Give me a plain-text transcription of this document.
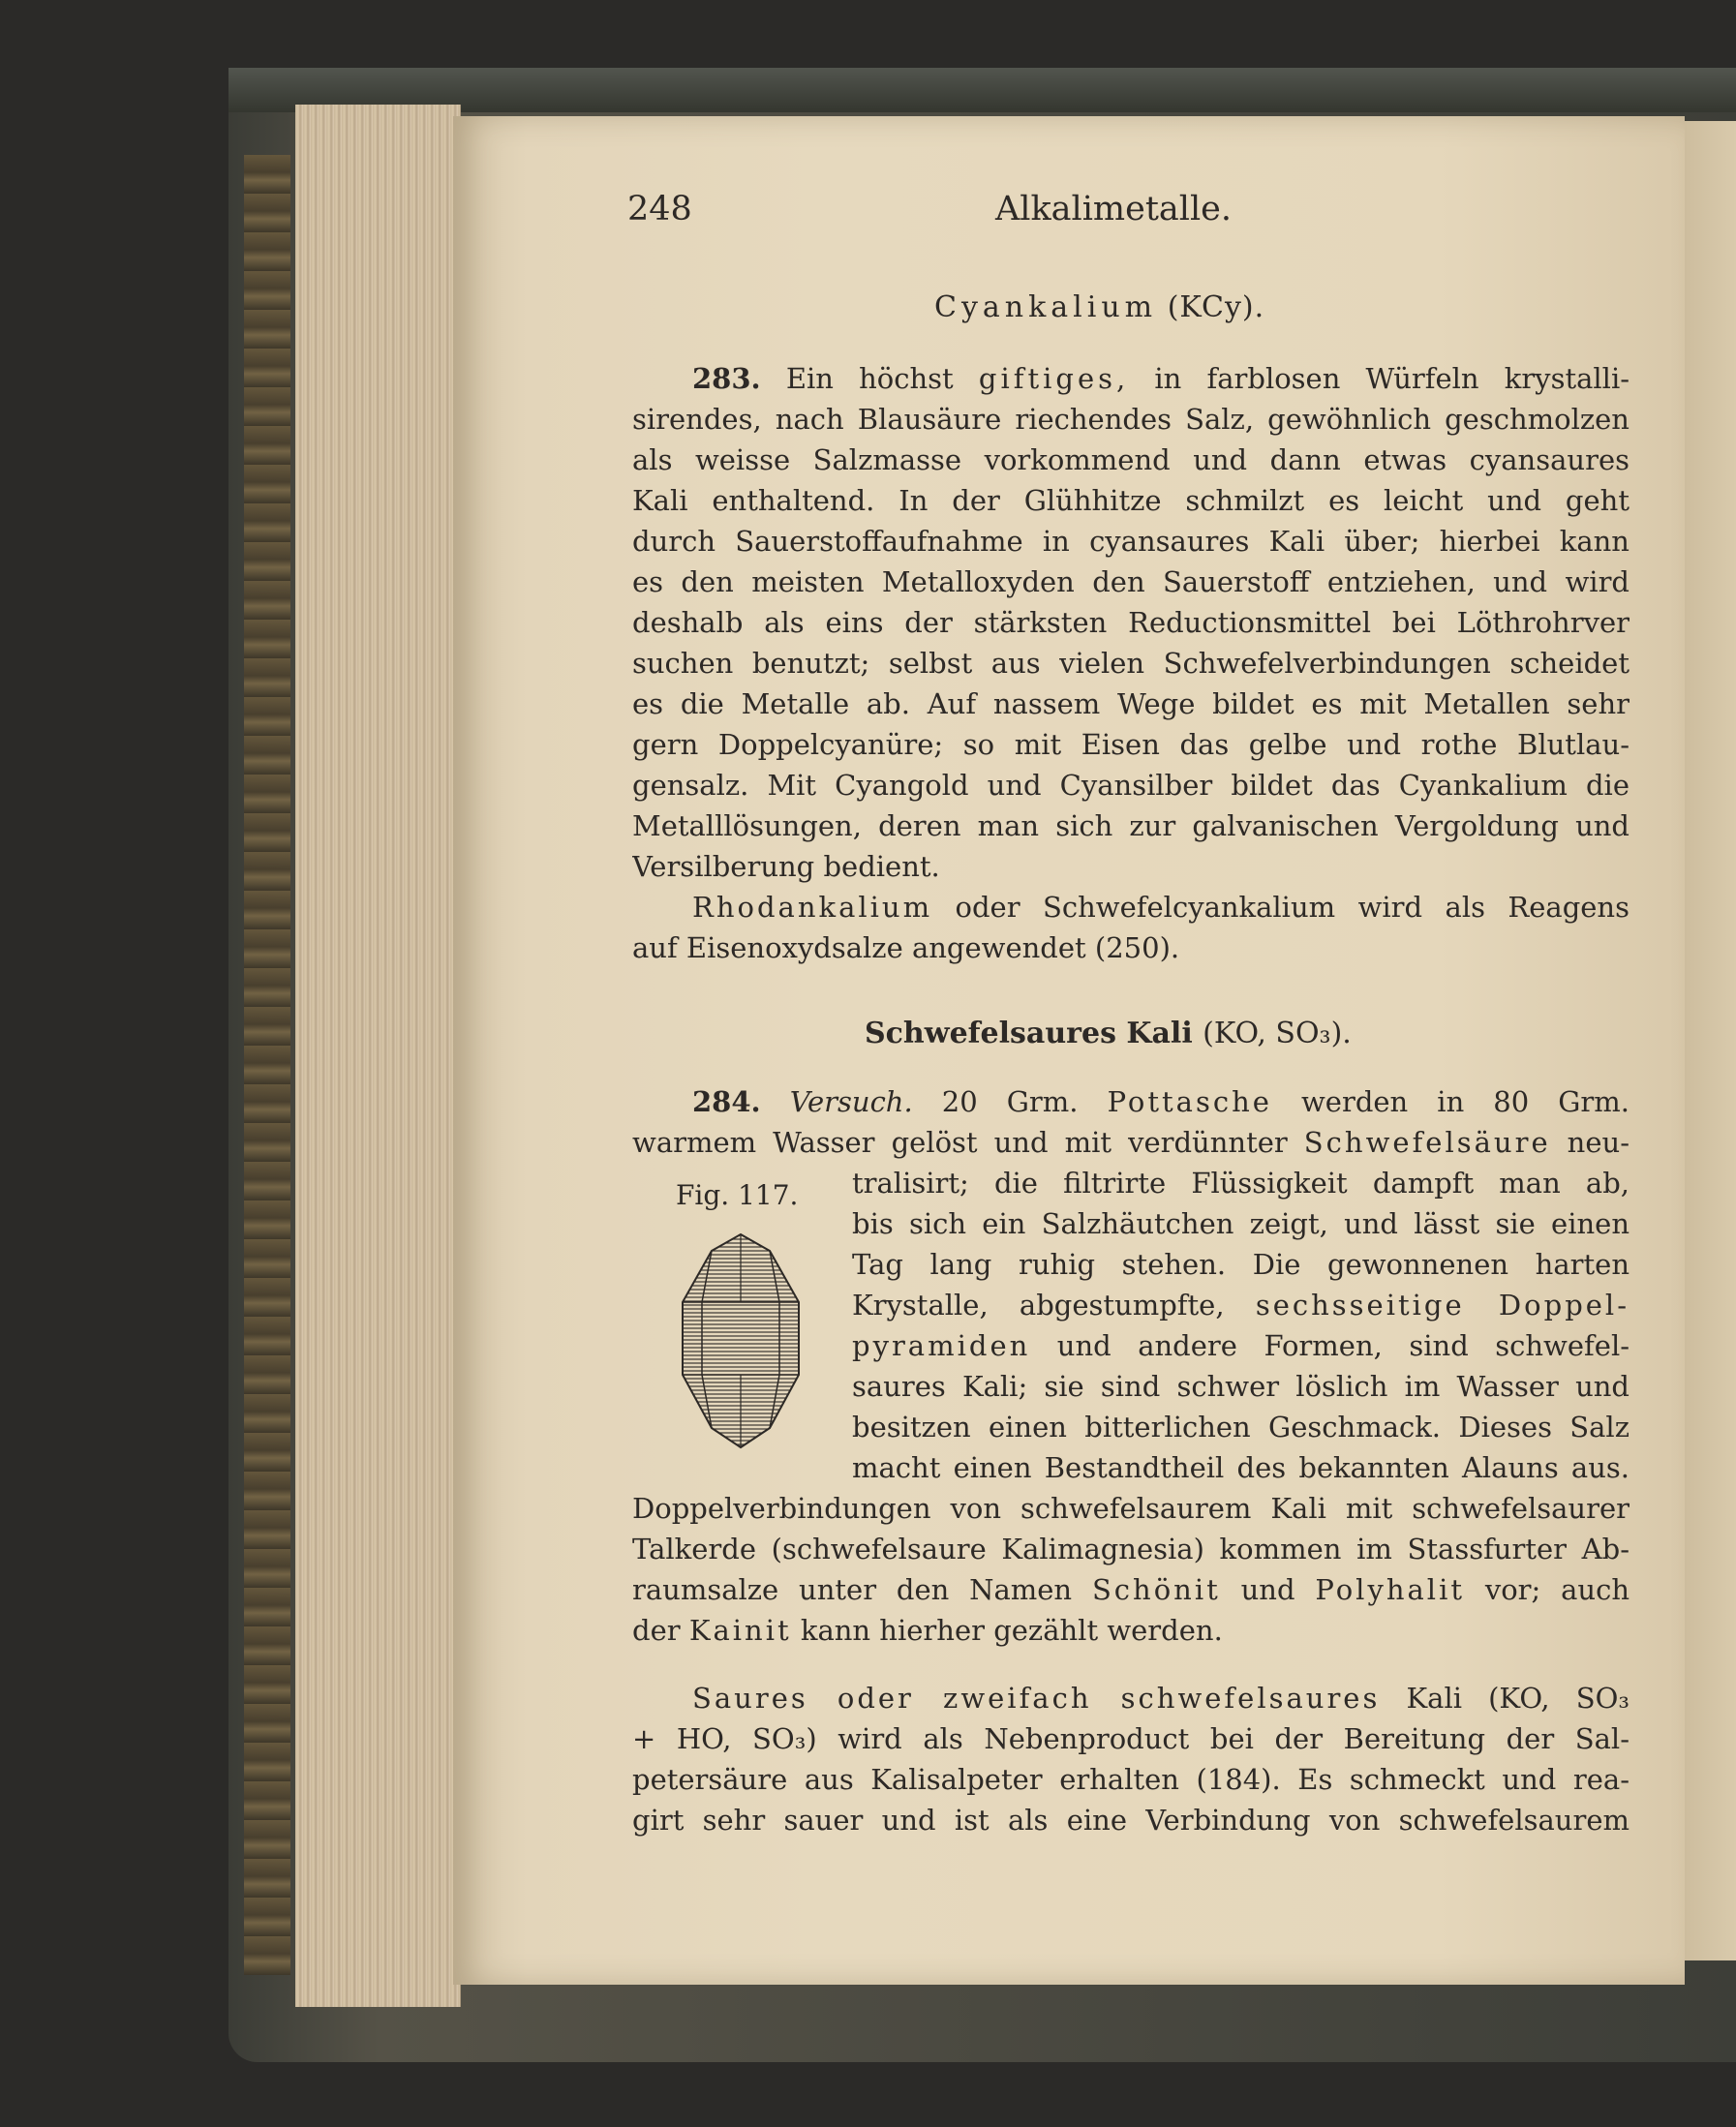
248	Alkalimetalle.
Cyankalium (KCy).
283. Ein höchst giftiges, in farblosen Würfeln krystalli-
sirendes, nach Blausäure riechendes Salz, gewöhnlich geschmolzen
als weisse Salzmasse vorkommend und dann etwas cyansaures
Kali enthaltend. In der Glühhitze schmilzt es leicht und geht
durch Sauerstoffaufnahme in cyansaures Kali über; hierbei kann
es den meisten Metalloxyden den Sauerstoff entziehen, und wird
deshalb als eins der stärksten Reductionsmittel bei Löthrohrver
suchen benutzt; selbst aus vielen Schwefelverbindungen scheidet
es die Metalle ab. Auf nassem Wege bildet es mit Metallen sehr
gern Doppelcyanüre; so mit Eisen das gelbe und rothe Blutlau-
gensalz. Mit Cyangold und Cyansilber bildet das Cyankalium die
Metalllösungen, deren man sich zur galvanischen Vergoldung und
Versilberung bedient.
Rhodankalium oder Schwefelcyankalium wird als Reagens
auf Eisenoxydsalze angewendet (250).
Schwefelsaures Kali (KO, SO₃).
284. Versuch. 20 Grm. Pottasche werden in 80 Grm.
warmem Wasser gelöst und mit verdünnter Schwefelsäure neu-
Fig. 117. tralisirt; die filtrirte Flüssigkeit dampft man ab,
bis sich ein Salzhäutchen zeigt, und lässt sie einen
Tag lang ruhig stehen. Die gewonnenen harten
Krystalle, abgestumpfte, sechsseitige Doppel-
pyramiden und andere Formen, sind schwefel-
saures Kali; sie sind schwer löslich im Wasser und
besitzen einen bitterlichen Geschmack. Dieses Salz
macht einen Bestandtheil des bekannten Alauns aus.
Doppelverbindungen von schwefelsaurem Kali mit schwefelsaurer
Talkerde (schwefelsaure Kalimagnesia) kommen im Stassfurter Ab-
raumsalze unter den Namen Schönit und Polyhalit vor; auch
der Kainit kann hierher gezählt werden.
Saures oder zweifach schwefelsaures Kali (KO, SO₃
+ HO, SO₃) wird als Nebenproduct bei der Bereitung der Sal-
petersäure aus Kalisalpeter erhalten (184). Es schmeckt und rea-
girt sehr sauer und ist als eine Verbindung von schwefelsaurem
